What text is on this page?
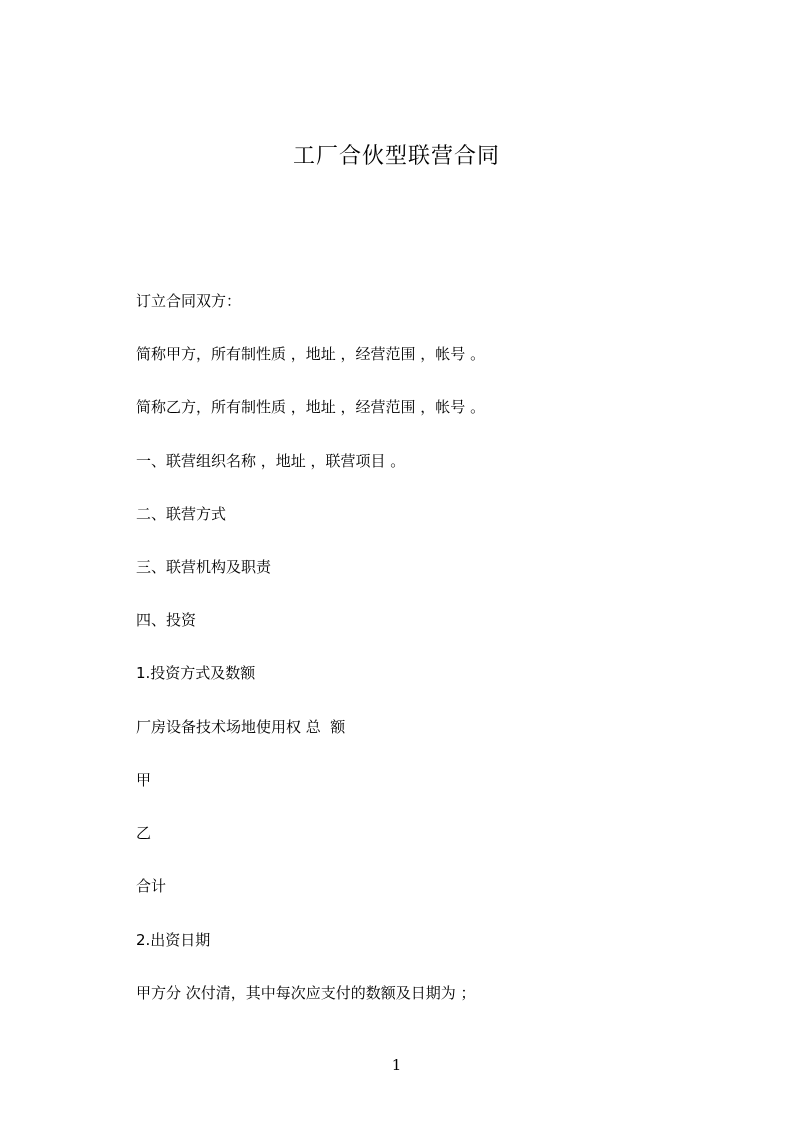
工厂合伙型联营合同
订立合同双方：
简称甲方，所有制性质 ，地址 ，经营范围 ，帐号 。
简称乙方，所有制性质 ，地址 ，经营范围 ，帐号 。
一、联营组织名称 ，地址 ，联营项目 。
二、联营方式
三、联营机构及职责
四、投资
1.投资方式及数额
厂房设备技术场地使用权 总  额
甲
乙
合计
2.出资日期
甲方分 次付清，其中每次应支付的数额及日期为 ；
1
